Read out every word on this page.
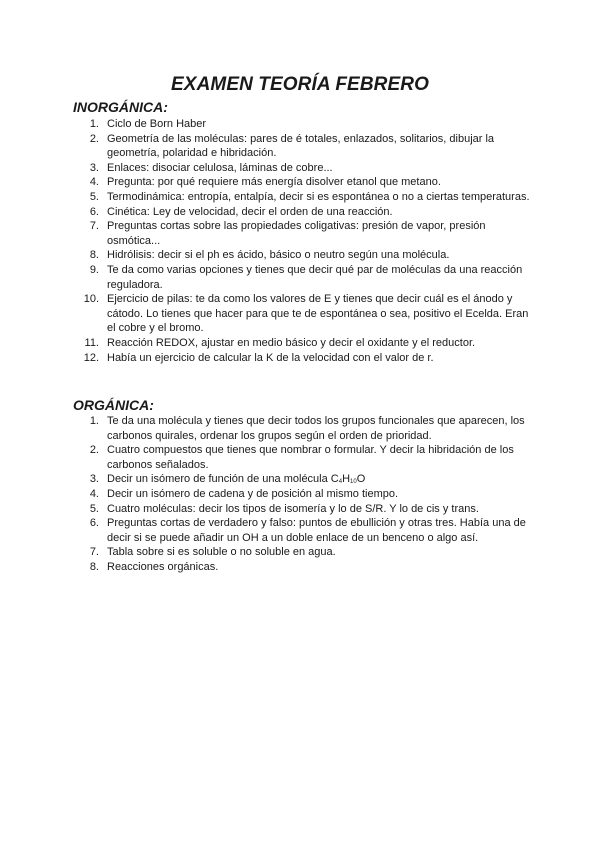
EXAMEN TEORÍA FEBRERO
INORGÁNICA:
1. Ciclo de Born Haber
2. Geometría de las moléculas: pares de é totales, enlazados, solitarios, dibujar la geometría, polaridad e hibridación.
3. Enlaces: disociar celulosa, láminas de cobre...
4. Pregunta: por qué requiere más energía disolver etanol que metano.
5. Termodinámica: entropía, entalpía, decir si es espontánea o no a ciertas temperaturas.
6. Cinética: Ley de velocidad, decir el orden de una reacción.
7. Preguntas cortas sobre las propiedades coligativas: presión de vapor, presión osmótica...
8. Hidrólisis: decir si el ph es ácido, básico o neutro según una molécula.
9. Te da como varias opciones y tienes que decir qué par de moléculas da una reacción reguladora.
10. Ejercicio de pilas: te da como los valores de E y tienes que decir cuál es el ánodo y cátodo. Lo tienes que hacer para que te de espontánea o sea, positivo el Ecelda. Eran el cobre y el bromo.
11. Reacción REDOX, ajustar en medio básico y decir el oxidante y el reductor.
12. Había un ejercicio de calcular la K de la velocidad con el valor de r.
ORGÁNICA:
1. Te da una molécula y tienes que decir todos los grupos funcionales que aparecen, los carbonos quirales, ordenar los grupos según el orden de prioridad.
2. Cuatro compuestos que tienes que nombrar o formular. Y decir la hibridación de los carbonos señalados.
3. Decir un isómero de función de una molécula $C_4H_{10}O$
4. Decir un isómero de cadena y de posición al mismo tiempo.
5. Cuatro moléculas: decir los tipos de isomería y lo de S/R. Y lo de cis y trans.
6. Preguntas cortas de verdadero y falso: puntos de ebullición y otras tres. Había una de decir si se puede añadir un OH a un doble enlace de un benceno o algo así.
7. Tabla sobre si es soluble o no soluble en agua.
8. Reacciones orgánicas.
